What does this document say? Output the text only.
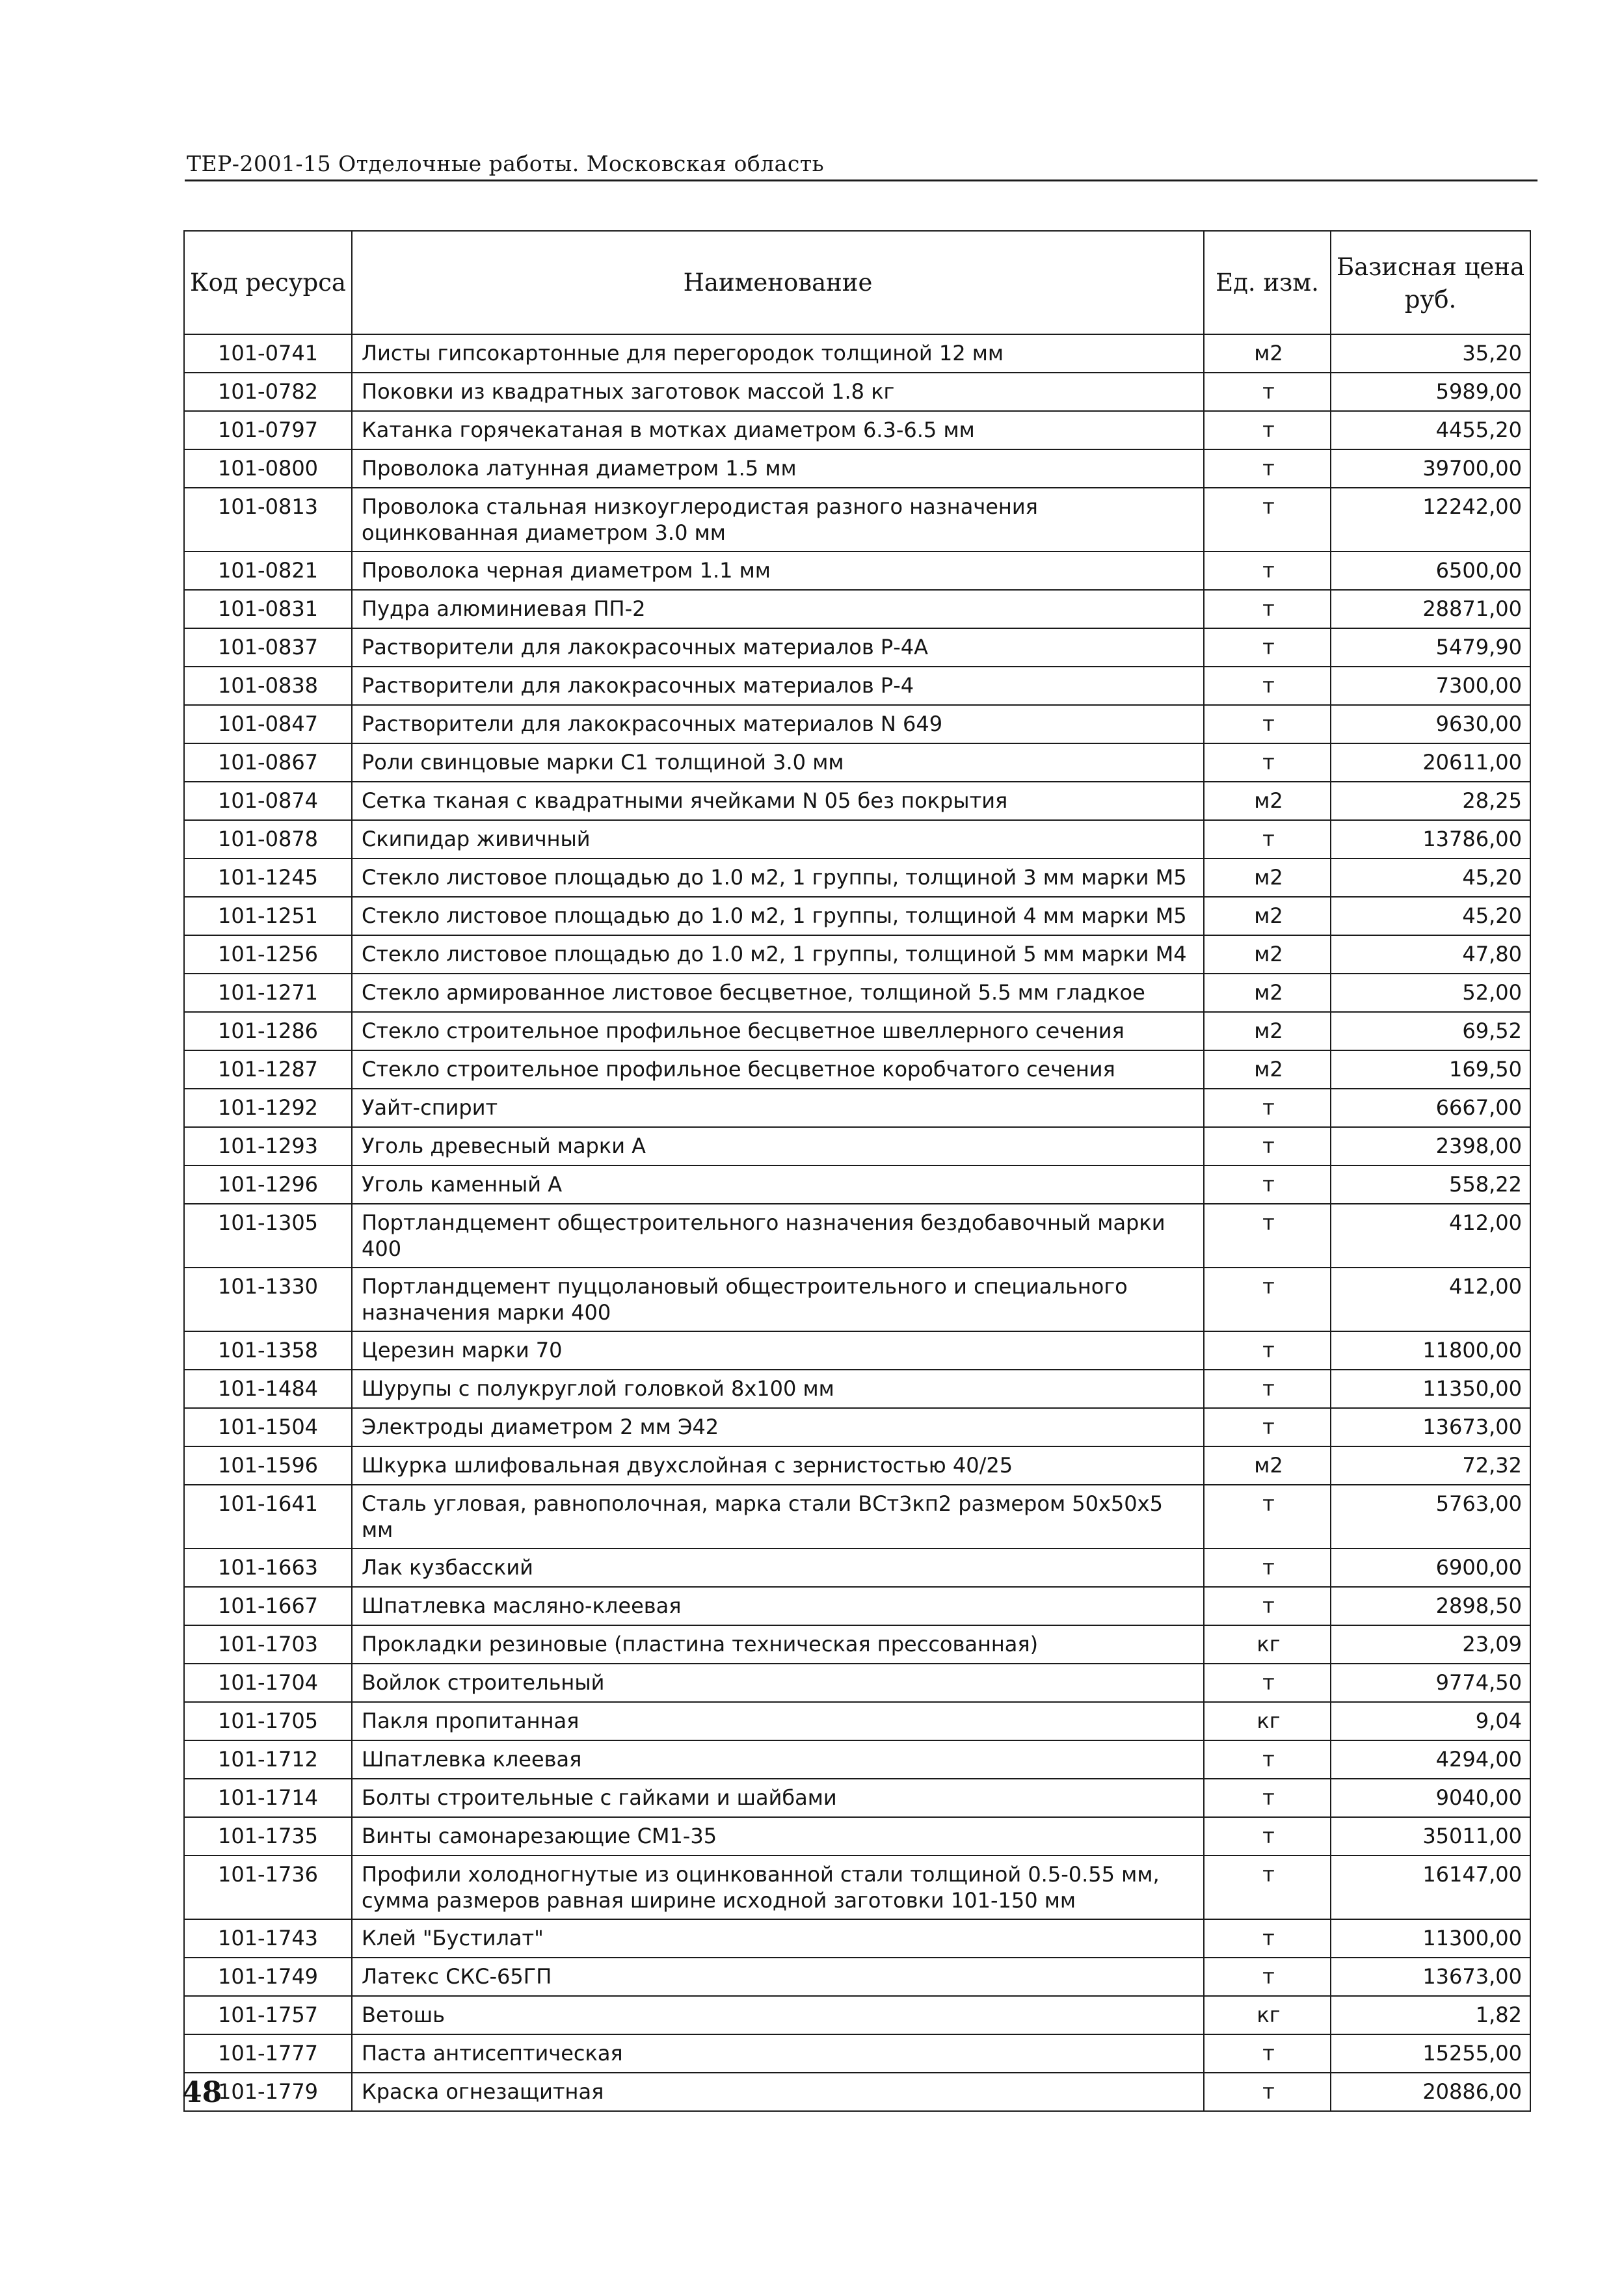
ТЕР-2001-15 Отделочные работы. Московская область
Код ресурса	Наименование	Ед. изм.	Базисная цена руб.
101-0741	Листы гипсокартонные для перегородок толщиной 12 мм	м2	35,20
101-0782	Поковки из квадратных заготовок массой 1.8 кг	т	5989,00
101-0797	Катанка горячекатаная в мотках диаметром 6.3-6.5 мм	т	4455,20
101-0800	Проволока латунная диаметром 1.5 мм	т	39700,00
101-0813	Проволока стальная низкоуглеродистая разного назначения оцинкованная диаметром 3.0 мм	т	12242,00
101-0821	Проволока черная диаметром 1.1 мм	т	6500,00
101-0831	Пудра алюминиевая ПП-2	т	28871,00
101-0837	Растворители для лакокрасочных материалов Р-4А	т	5479,90
101-0838	Растворители для лакокрасочных материалов Р-4	т	7300,00
101-0847	Растворители для лакокрасочных материалов N 649	т	9630,00
101-0867	Роли свинцовые марки С1 толщиной 3.0 мм	т	20611,00
101-0874	Сетка тканая с квадратными ячейками N 05 без покрытия	м2	28,25
101-0878	Скипидар живичный	т	13786,00
101-1245	Стекло листовое площадью до 1.0 м2, 1 группы, толщиной 3 мм марки М5	м2	45,20
101-1251	Стекло листовое площадью до 1.0 м2, 1 группы, толщиной 4 мм марки М5	м2	45,20
101-1256	Стекло листовое площадью до 1.0 м2, 1 группы, толщиной 5 мм марки М4	м2	47,80
101-1271	Стекло армированное листовое бесцветное, толщиной 5.5 мм гладкое	м2	52,00
101-1286	Стекло строительное профильное бесцветное швеллерного сечения	м2	69,52
101-1287	Стекло строительное профильное бесцветное коробчатого сечения	м2	169,50
101-1292	Уайт-спирит	т	6667,00
101-1293	Уголь древесный марки А	т	2398,00
101-1296	Уголь каменный А	т	558,22
101-1305	Портландцемент общестроительного назначения бездобавочный марки 400	т	412,00
101-1330	Портландцемент пуццолановый общестроительного и специального назначения марки 400	т	412,00
101-1358	Церезин марки 70	т	11800,00
101-1484	Шурупы с полукруглой головкой 8х100 мм	т	11350,00
101-1504	Электроды диаметром 2 мм Э42	т	13673,00
101-1596	Шкурка шлифовальная двухслойная с зернистостью 40/25	м2	72,32
101-1641	Сталь угловая, равнополочная, марка стали ВСт3кп2 размером 50х50х5 мм	т	5763,00
101-1663	Лак кузбасский	т	6900,00
101-1667	Шпатлевка масляно-клеевая	т	2898,50
101-1703	Прокладки резиновые (пластина техническая прессованная)	кг	23,09
101-1704	Войлок строительный	т	9774,50
101-1705	Пакля пропитанная	кг	9,04
101-1712	Шпатлевка клеевая	т	4294,00
101-1714	Болты строительные с гайками и шайбами	т	9040,00
101-1735	Винты самонарезающие СМ1-35	т	35011,00
101-1736	Профили холодногнутые из оцинкованной стали толщиной 0.5-0.55 мм, сумма размеров равная ширине исходной заготовки 101-150 мм	т	16147,00
101-1743	Клей "Бустилат"	т	11300,00
101-1749	Латекс СКС-65ГП	т	13673,00
101-1757	Ветошь	кг	1,82
101-1777	Паста антисептическая	т	15255,00
101-1779	Краска огнезащитная	т	20886,00
48
